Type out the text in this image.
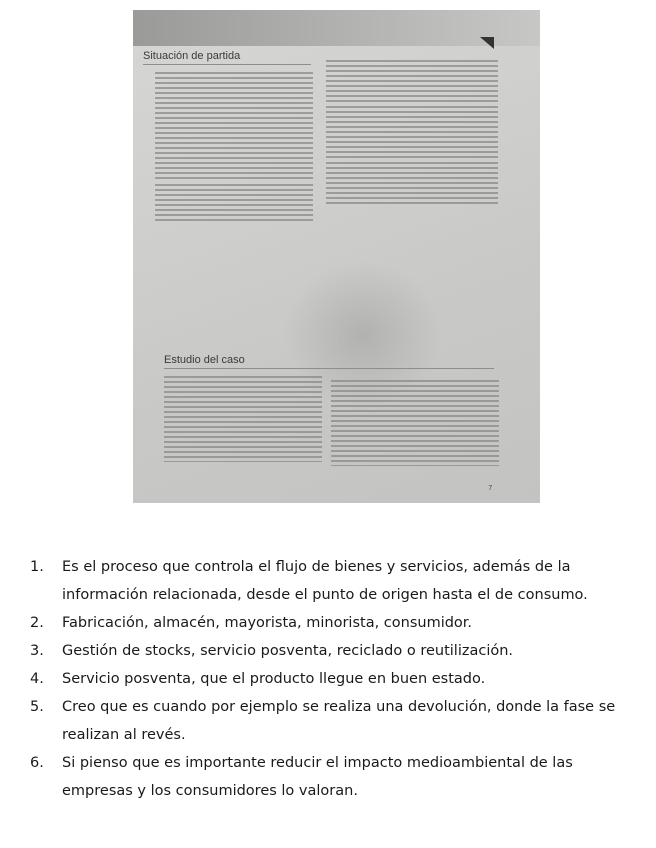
Situación de partida
Estudio del caso
7
1.	Es el proceso que controla el flujo de bienes y servicios, además de la información relacionada, desde el punto de origen hasta el de consumo.
2.	Fabricación, almacén, mayorista, minorista, consumidor.
3.	Gestión de stocks, servicio posventa, reciclado o reutilización.
4.	Servicio posventa, que el producto llegue en buen estado.
5.	Creo que es cuando por ejemplo se realiza una devolución, donde la fase se realizan al revés.
6.	Si pienso que es importante reducir el impacto medioambiental de las empresas y los consumidores lo valoran.
